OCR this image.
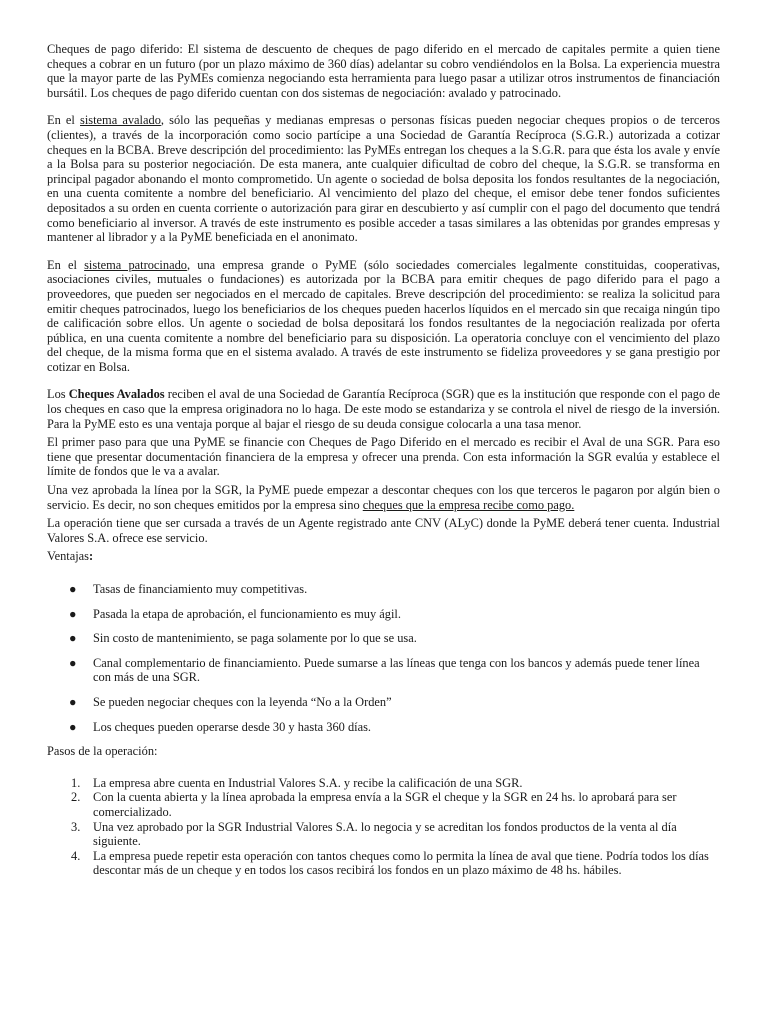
Cheques de pago diferido: El sistema de descuento de cheques de pago diferido en el mercado de capitales permite a quien tiene cheques a cobrar en un futuro (por un plazo máximo de 360 días) adelantar su cobro vendiéndolos en la Bolsa. La experiencia muestra que la mayor parte de las PyMEs comienza negociando esta herramienta para luego pasar a utilizar otros instrumentos de financiación bursátil. Los cheques de pago diferido cuentan con dos sistemas de negociación: avalado y patrocinado.

En el sistema avalado, sólo las pequeñas y medianas empresas o personas físicas pueden negociar cheques propios o de terceros (clientes), a través de la incorporación como socio partícipe a una Sociedad de Garantía Recíproca (S.G.R.) autorizada a cotizar cheques en la BCBA. Breve descripción del procedimiento: las PyMEs entregan los cheques a la S.G.R. para que ésta los avale y envíe a la Bolsa para su posterior negociación. De esta manera, ante cualquier dificultad de cobro del cheque, la S.G.R. se transforma en principal pagador abonando el monto comprometido. Un agente o sociedad de bolsa deposita los fondos resultantes de la negociación, en una cuenta comitente a nombre del beneficiario. Al vencimiento del plazo del cheque, el emisor debe tener fondos suficientes depositados a su orden en cuenta corriente o autorización para girar en descubierto y así cumplir con el pago del documento que tendrá como beneficiario al inversor. A través de este instrumento es posible acceder a tasas similares a las obtenidas por grandes empresas y mantener al librador y a la PyME beneficiada en el anonimato.

En el sistema patrocinado, una empresa grande o PyME (sólo sociedades comerciales legalmente constituidas, cooperativas, asociaciones civiles, mutuales o fundaciones) es autorizada por la BCBA para emitir cheques de pago diferido para el pago a proveedores, que pueden ser negociados en el mercado de capitales. Breve descripción del procedimiento: se realiza la solicitud para emitir cheques patrocinados, luego los beneficiarios de los cheques pueden hacerlos líquidos en el mercado sin que recaiga ningún tipo de calificación sobre ellos. Un agente o sociedad de bolsa depositará los fondos resultantes de la negociación realizada por oferta pública, en una cuenta comitente a nombre del beneficiario para su disposición. La operatoria concluye con el vencimiento del plazo del cheque, de la misma forma que en el sistema avalado. A través de este instrumento se fideliza proveedores y se gana prestigio por cotizar en Bolsa.

Los Cheques Avalados reciben el aval de una Sociedad de Garantía Recíproca (SGR) que es la institución que responde con el pago de los cheques en caso que la empresa originadora no lo haga. De este modo se estandariza y se controla el nivel de riesgo de la inversión. Para la PyME esto es una ventaja porque al bajar el riesgo de su deuda consigue colocarla a una tasa menor.

El primer paso para que una PyME se financie con Cheques de Pago Diferido en el mercado es recibir el Aval de una SGR. Para eso tiene que presentar documentación financiera de la empresa y ofrecer una prenda. Con esta información la SGR evalúa y establece el límite de fondos que le va a avalar.

Una vez aprobada la línea por la SGR, la PyME puede empezar a descontar cheques con los que terceros le pagaron por algún bien o servicio. Es decir, no son cheques emitidos por la empresa sino cheques que la empresa recibe como pago.

La operación tiene que ser cursada a través de un Agente registrado ante CNV (ALyC) donde la PyME deberá tener cuenta. Industrial Valores S.A. ofrece ese servicio.

Ventajas:

● Tasas de financiamiento muy competitivas.
● Pasada la etapa de aprobación, el funcionamiento es muy ágil.
● Sin costo de mantenimiento, se paga solamente por lo que se usa.
● Canal complementario de financiamiento. Puede sumarse a las líneas que tenga con los bancos y además puede tener línea con más de una SGR.
● Se pueden negociar cheques con la leyenda “No a la Orden”
● Los cheques pueden operarse desde 30 y hasta 360 días.

Pasos de la operación:

1. La empresa abre cuenta en Industrial Valores S.A. y recibe la calificación de una SGR.
2. Con la cuenta abierta y la línea aprobada la empresa envía a la SGR el cheque y la SGR en 24 hs. lo aprobará para ser comercializado.
3. Una vez aprobado por la SGR Industrial Valores S.A. lo negocia y se acreditan los fondos productos de la venta al día siguiente.
4. La empresa puede repetir esta operación con tantos cheques como lo permita la línea de aval que tiene. Podría todos los días descontar más de un cheque y en todos los casos recibirá los fondos en un plazo máximo de 48 hs. hábiles.
